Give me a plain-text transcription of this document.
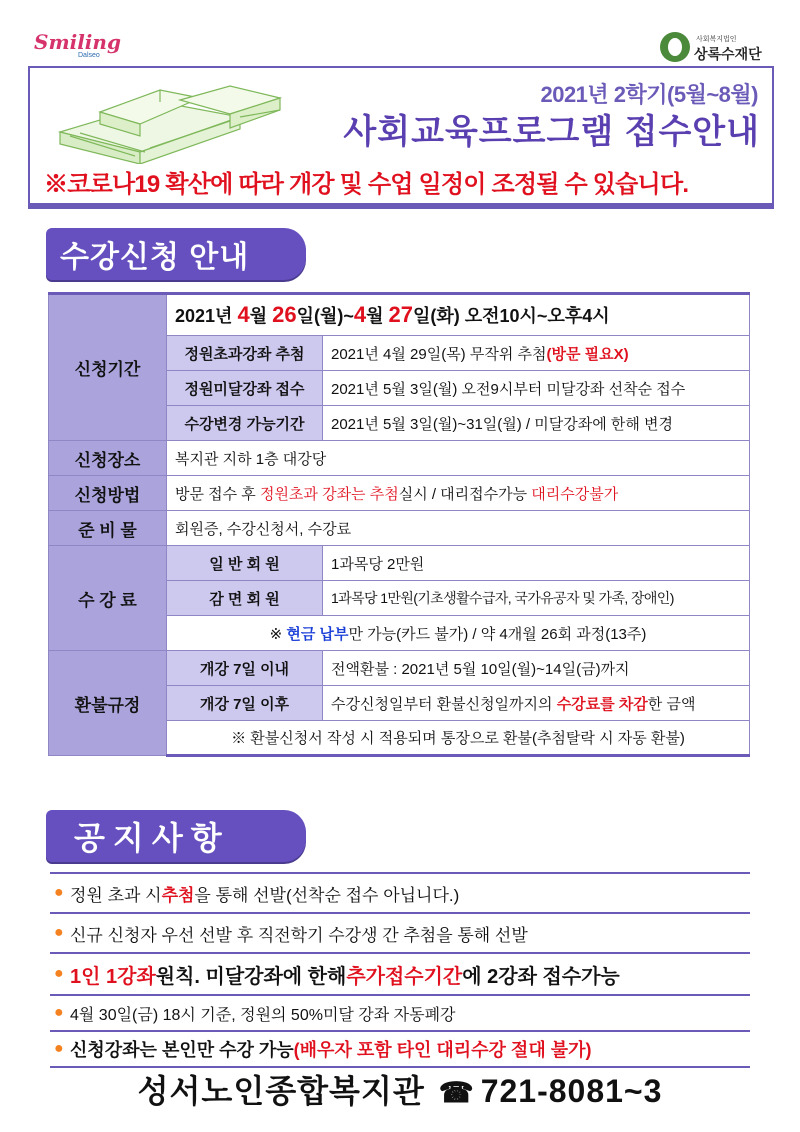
Smiling
Dalseo
사회복지법인
상록수재단
2021년 2학기(5월~8월)
사회교육프로그램 접수안내
※코로나19 확산에 따라 개강 및 수업 일정이 조정될 수 있습니다.
수강신청 안내
신청기간	2021년 4월 26일(월)~4월 27일(화) 오전10시~오후4시	
	정원초과강좌 추첨	2021년 4월 29일(목) 무작위 추첨(방문 필요X)
	정원미달강좌 접수	2021년 5월 3일(월) 오전9시부터 미달강좌 선착순 접수
	수강변경 가능기간	2021년 5월 3일(월)~31일(월) / 미달강좌에 한해 변경
신청장소	복지관 지하 1층 대강당	
신청방법	방문 접수 후 정원초과 강좌는 추첨실시 / 대리접수가능 대리수강불가	
준 비 물	회원증, 수강신청서, 수강료	
수 강 료	일 반 회 원	1과목당 2만원
	감 면 회 원	1과목당 1만원(기초생활수급자, 국가유공자 및 가족, 장애인)
	※ 현금 납부만 가능(카드 불가) / 약 4개월 26회 과정(13주)	
환불규정	개강 7일 이내	전액환불 : 2021년 5월 10일(월)~14일(금)까지
	개강 7일 이후	수강신청일부터 환불신청일까지의 수강료를 차감한 금액
	※ 환불신청서 작성 시 적용되며 통장으로 환불(추첨탈락 시 자동 환불)	
공지사항
● 정원 초과 시 추첨 을 통해 선발(선착순 접수 아닙니다.)
● 신규 신청자 우선 선발 후 직전학기 수강생 간 추첨을 통해 선발
● 1인 1강좌 원칙. 미달강좌에 한해 추가접수기간 에 2강좌 접수가능
● 4월 30일(금) 18시 기준, 정원의 50%미달 강좌 자동폐강
● 신청강좌는 본인만 수강 가능 (배우자 포함 타인 대리수강 절대 불가)
성서노인종합복지관 ☎ 721-8081~3
